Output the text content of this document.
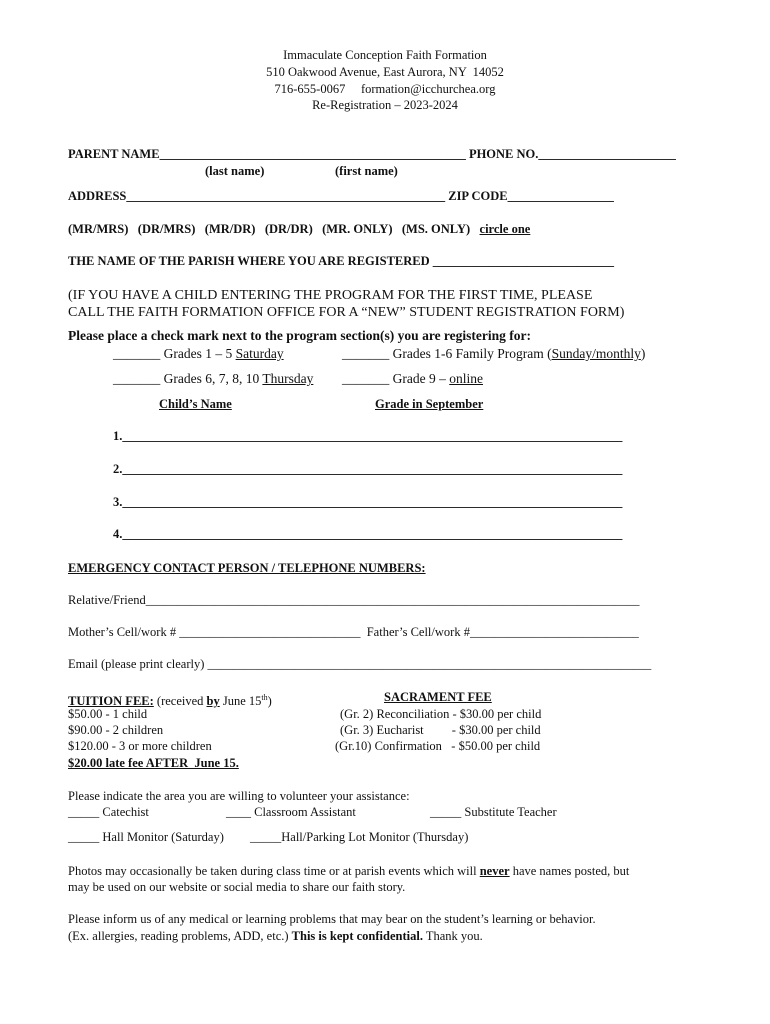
Immaculate Conception Faith Formation
510 Oakwood Avenue, East Aurora, NY  14052
716-655-0067     formation@icchurchea.org
Re-Registration – 2023-2024
PARENT NAME_________________________________________________ PHONE NO.______________________
(last name)	(first name)
ADDRESS___________________________________________________ ZIP CODE_________________
(MR/MRS)   (DR/MRS)   (MR/DR)   (DR/DR)   (MR. ONLY)   (MS. ONLY) circle one
THE NAME OF THE PARISH WHERE YOU ARE REGISTERED _____________________________
(IF YOU HAVE A CHILD ENTERING THE PROGRAM FOR THE FIRST TIME, PLEASE
CALL THE FAITH FORMATION OFFICE FOR A “NEW” STUDENT REGISTRATION FORM)
Please place a check mark next to the program section(s) you are registering for:
_______ Grades 1 – 5 Saturday	_______ Grades 1-6 Family Program (Sunday/monthly)
_______ Grades 6, 7, 8, 10 Thursday _______ Grade 9 – online
Child’s Name	Grade in September
1.________________________________________________________________________________
2.________________________________________________________________________________
3.________________________________________________________________________________
4.________________________________________________________________________________
EMERGENCY CONTACT PERSON / TELEPHONE NUMBERS:
Relative/Friend_______________________________________________________________________________
Mother’s Cell/work # _____________________________  Father’s Cell/work #___________________________
Email (please print clearly) _______________________________________________________________________
TUITION FEE: (received by June 15th)
$50.00 - 1 child
$90.00 - 2 children
$120.00 - 3 or more children
$20.00 late fee AFTER  June 15.
SACRAMENT FEE
(Gr. 2) Reconciliation - $30.00 per child
(Gr. 3) Eucharist         - $30.00 per child
(Gr.10) Confirmation   - $50.00 per child
Please indicate the area you are willing to volunteer your assistance:
_____ Catechist	____ Classroom Assistant	_____ Substitute Teacher
_____ Hall Monitor (Saturday) _____Hall/Parking Lot Monitor (Thursday)
Photos may occasionally be taken during class time or at parish events which will never have names posted, but
may be used on our website or social media to share our faith story.
Please inform us of any medical or learning problems that may bear on the student’s learning or behavior.
(Ex. allergies, reading problems, ADD, etc.) This is kept confidential. Thank you.
